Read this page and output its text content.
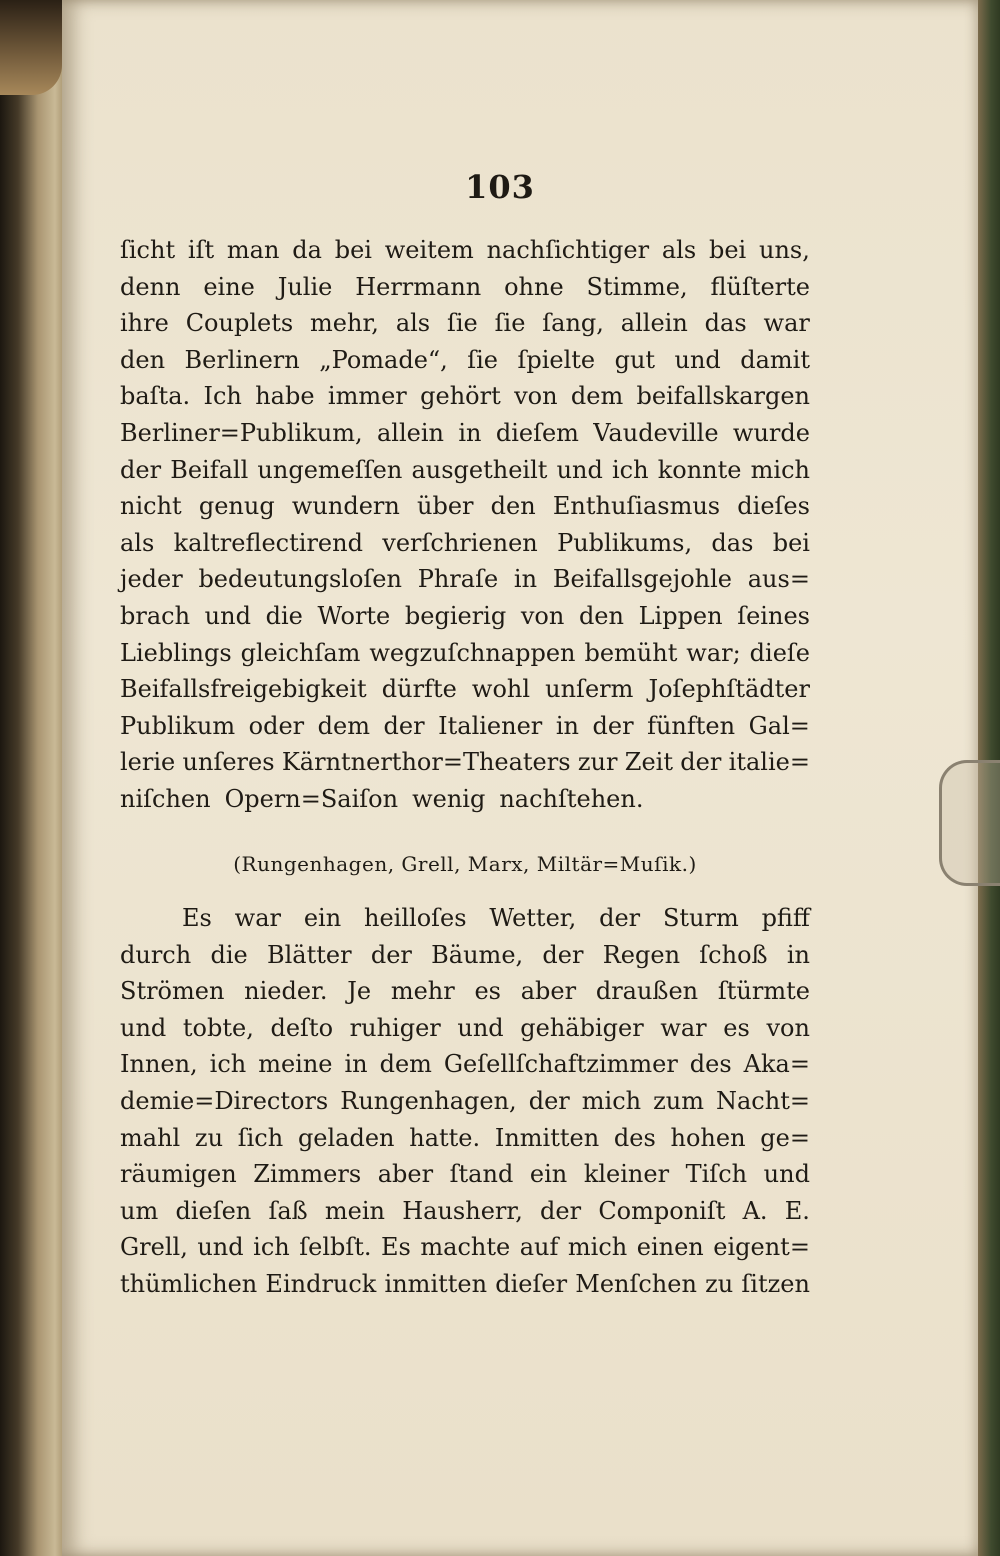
103
ſicht iſt man da bei weitem nachſichtiger als bei uns,
denn eine Julie Herrmann ohne Stimme, flüſterte
ihre Couplets mehr, als ſie ſie ſang, allein das war
den Berlinern „Pomade“, ſie ſpielte gut und damit
baſta. Ich habe immer gehört von dem beifallskargen
Berliner=Publikum, allein in dieſem Vaudeville wurde
der Beifall ungemeſſen ausgetheilt und ich konnte mich
nicht genug wundern über den Enthuſiasmus dieſes
als kaltreflectirend verſchrienen Publikums, das bei
jeder bedeutungsloſen Phraſe in Beifallsgejohle aus=
brach und die Worte begierig von den Lippen ſeines
Lieblings gleichſam wegzuſchnappen bemüht war; dieſe
Beifallsfreigebigkeit dürfte wohl unſerm Joſephſtädter
Publikum oder dem der Italiener in der fünften Gal=
lerie unſeres Kärntnerthor=Theaters zur Zeit der italie=
niſchen Opern=Saiſon wenig nachſtehen.
(Rungenhagen, Grell, Marx, Miltär=Muſik.)
Es war ein heilloſes Wetter, der Sturm pfiff
durch die Blätter der Bäume, der Regen ſchoß in
Strömen nieder. Je mehr es aber draußen ſtürmte
und tobte, deſto ruhiger und gehäbiger war es von
Innen, ich meine in dem Geſellſchaftzimmer des Aka=
demie=Directors Rungenhagen, der mich zum Nacht=
mahl zu ſich geladen hatte. Inmitten des hohen ge=
räumigen Zimmers aber ſtand ein kleiner Tiſch und
um dieſen ſaß mein Hausherr, der Componiſt A. E.
Grell, und ich ſelbſt. Es machte auf mich einen eigent=
thümlichen Eindruck inmitten dieſer Menſchen zu ſitzen
